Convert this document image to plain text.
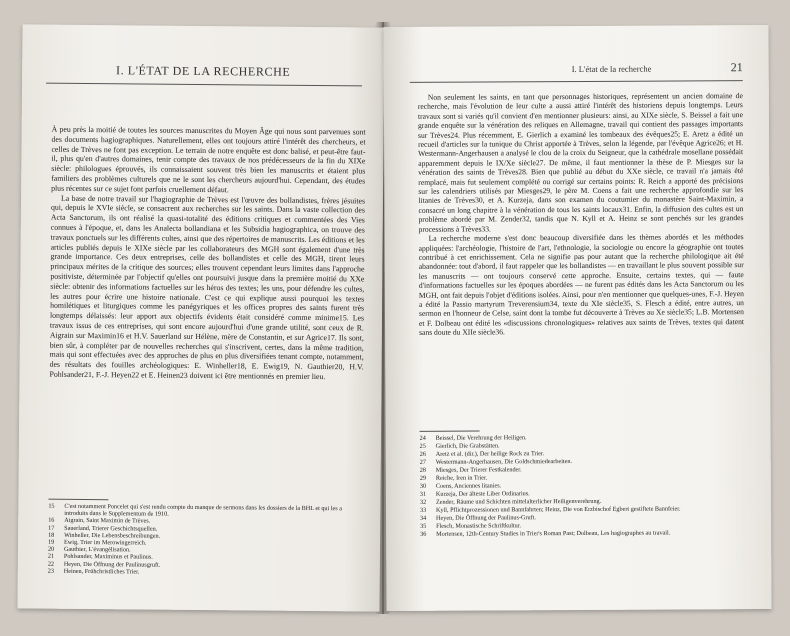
I. L'ÉTAT DE LA RECHERCHE

À peu près la moitié de toutes les sources manuscrites du Moyen Âge qui nous sont parvenues sont des documents hagiographiques. Naturellement, elles ont toujours attiré l'intérêt des chercheurs, et celles de Trèves ne font pas exception. Le terrain de notre enquête est donc balisé, et peut-être faut-il, plus qu'en d'autres domaines, tenir compte des travaux de nos prédécesseurs de la fin du XIXe siècle: philologues éprouvés, ils connaissaient souvent très bien les manuscrits et étaient plus familiers des problèmes culturels que ne le sont les chercheurs aujourd'hui. Cependant, des études plus récentes sur ce sujet font parfois cruellement défaut.

La base de notre travail sur l'hagiographie de Trèves est l'œuvre des bollandistes, frères jésuites qui, depuis le XVIe siècle, se consacrent aux recherches sur les saints. Dans la vaste collection des Acta Sanctorum, ils ont réalisé la quasi-totalité des éditions critiques et commentées des Vies connues à l'époque, et, dans les Analecta bollandiana et les Subsidia hagiographica, on trouve des travaux ponctuels sur les différents cultes, ainsi que des répertoires de manuscrits. Les éditions et les articles publiés depuis le XIXe siècle par les collaborateurs des MGH sont également d'une très grande importance. Ces deux entreprises, celle des bollandistes et celle des MGH, tirent leurs principaux mérites de la critique des sources; elles trouvent cependant leurs limites dans l'approche positiviste, déterminée par l'objectif qu'elles ont poursuivi jusque dans la première moitié du XXe siècle: obtenir des informations factuelles sur les héros des textes; les uns, pour défendre les cultes, les autres pour écrire une histoire nationale. C'est ce qui explique aussi pourquoi les textes homilétiques et liturgiques comme les panégyriques et les offices propres des saints furent très longtemps délaissés: leur apport aux objectifs évidents était considéré comme minime15. Les travaux issus de ces entreprises, qui sont encore aujourd'hui d'une grande utilité, sont ceux de R. Aigrain sur Maximin16 et H.V. Sauerland sur Hélène, mère de Constantin, et sur Agrice17. Ils sont, bien sûr, à compléter par de nouvelles recherches qui s'inscrivent, certes, dans la même tradition, mais qui sont effectuées avec des approches de plus en plus diversifiées tenant compte, notamment, des résultats des fouilles archéologiques: E. Winheller18, E. Ewig19, N. Gauthier20, H.V. Pohlsander21, F.-J. Heyen22 et E. Heinen23 doivent ici être mentionnés en premier lieu.

15	C'est notamment Poncelet qui s'est rendu compte du manque de sermons dans les dossiers de la BHL et qui les a introduits dans le Supplementum de 1910.
16	Aigrain, Saint Maximin de Trèves.
17	Sauerland, Trierer Geschichtsquellen.
18	Winheller, Die Lebensbeschreibungen.
19	Ewig, Trier im Merowingerreich.
20	Gauthier, L'évangélisation.
21	Pohlsander, Maximinus et Paulinus.
22	Heyen, Die Öffnung der Paulinusgruft.
23	Heinen, Frühchristliches Trier.
I. L'état de la recherche	21

Non seulement les saints, en tant que personnages historiques, représentent un ancien domaine de recherche, mais l'évolution de leur culte a aussi attiré l'intérêt des historiens depuis longtemps. Leurs travaux sont si variés qu'il convient d'en mentionner plusieurs: ainsi, au XIXe siècle, S. Beissel a fait une grande enquête sur la vénération des reliques en Allemagne, travail qui contient des passages importants sur Trèves24. Plus récemment, E. Gierlich a examiné les tombeaux des évêques25; E. Aretz a édité un recueil d'articles sur la tunique du Christ apportée à Trèves, selon la légende, par l'évêque Agrice26; et H. Westermann-Angerhausen a analysé le clou de la croix du Seigneur, que la cathédrale mosellane possédait apparemment depuis le IX/Xe siècle27. De même, il faut mentionner la thèse de P. Miesges sur la vénération des saints de Trèves28. Bien que publié au début du XXe siècle, ce travail n'a jamais été remplacé, mais fut seulement complété ou corrigé sur certains points: R. Reich a apporté des précisions sur les calendriers utilisés par Miesges29, le père M. Coens a fait une recherche approfondie sur les litanies de Trèves30, et A. Kurzeja, dans son examen du coutumier du monastère Saint-Maximin, a consacré un long chapitre à la vénération de tous les saints locaux31. Enfin, la diffusion des cultes est un problème abordé par M. Zender32, tandis que N. Kyll et A. Heinz se sont penchés sur les grandes processions à Trèves33.

La recherche moderne s'est donc beaucoup diversifiée dans les thèmes abordés et les méthodes appliquées: l'archéologie, l'histoire de l'art, l'ethnologie, la sociologie ou encore la géographie ont toutes contribué à cet enrichissement. Cela ne signifie pas pour autant que la recherche philologique ait été abandonnée: tout d'abord, il faut rappeler que les bollandistes — en travaillant le plus souvent possible sur les manuscrits — ont toujours conservé cette approche. Ensuite, certains textes, qui — faute d'informations factuelles sur les époques abordées — ne furent pas édités dans les Acta Sanctorum ou les MGH, ont fait depuis l'objet d'éditions isolées. Ainsi, pour n'en mentionner que quelques-unes, F.-J. Heyen a édité la Passio martyrum Treverensium34, texte du XIe siècle35, S. Flesch a édité, entre autres, un sermon en l'honneur de Celse, saint dont la tombe fut découverte à Trèves au Xe siècle35; L.B. Mortensen et F. Dolbeau ont édité les «discussions chronologiques» relatives aux saints de Trèves, textes qui datent sans doute du XIIe siècle36.

24	Beissel, Die Verehrung der Heiligen.
25	Gierlich, Die Grabstätten.
26	Aretz et al. (dir.), Der heilige Rock zu Trier.
27	Westermann-Angerhausen, Die Goldschmiedearbeiten.
28	Miesges, Der Trierer Festkalender.
29	Reiche, Iren in Trier.
30	Coens, Anciennes litanies.
31	Kurzeja, Der älteste Liber Ordinarius.
32	Zender, Räume und Schichten mittelalterlicher Heiligenverehrung.
33	Kyll, Pflichtprozessionen und Bannfahrten; Heinz, Die von Erzbischof Egbert gestiftete Bannfeier.
34	Heyen, Die Öffnung der Paulinus-Gruft.
35	Flesch, Monastische Schriftkultur.
36	Mortensen, 12th-Century Studies in Trier's Roman Past; Dolbeau, Les hagiographes au travail.
